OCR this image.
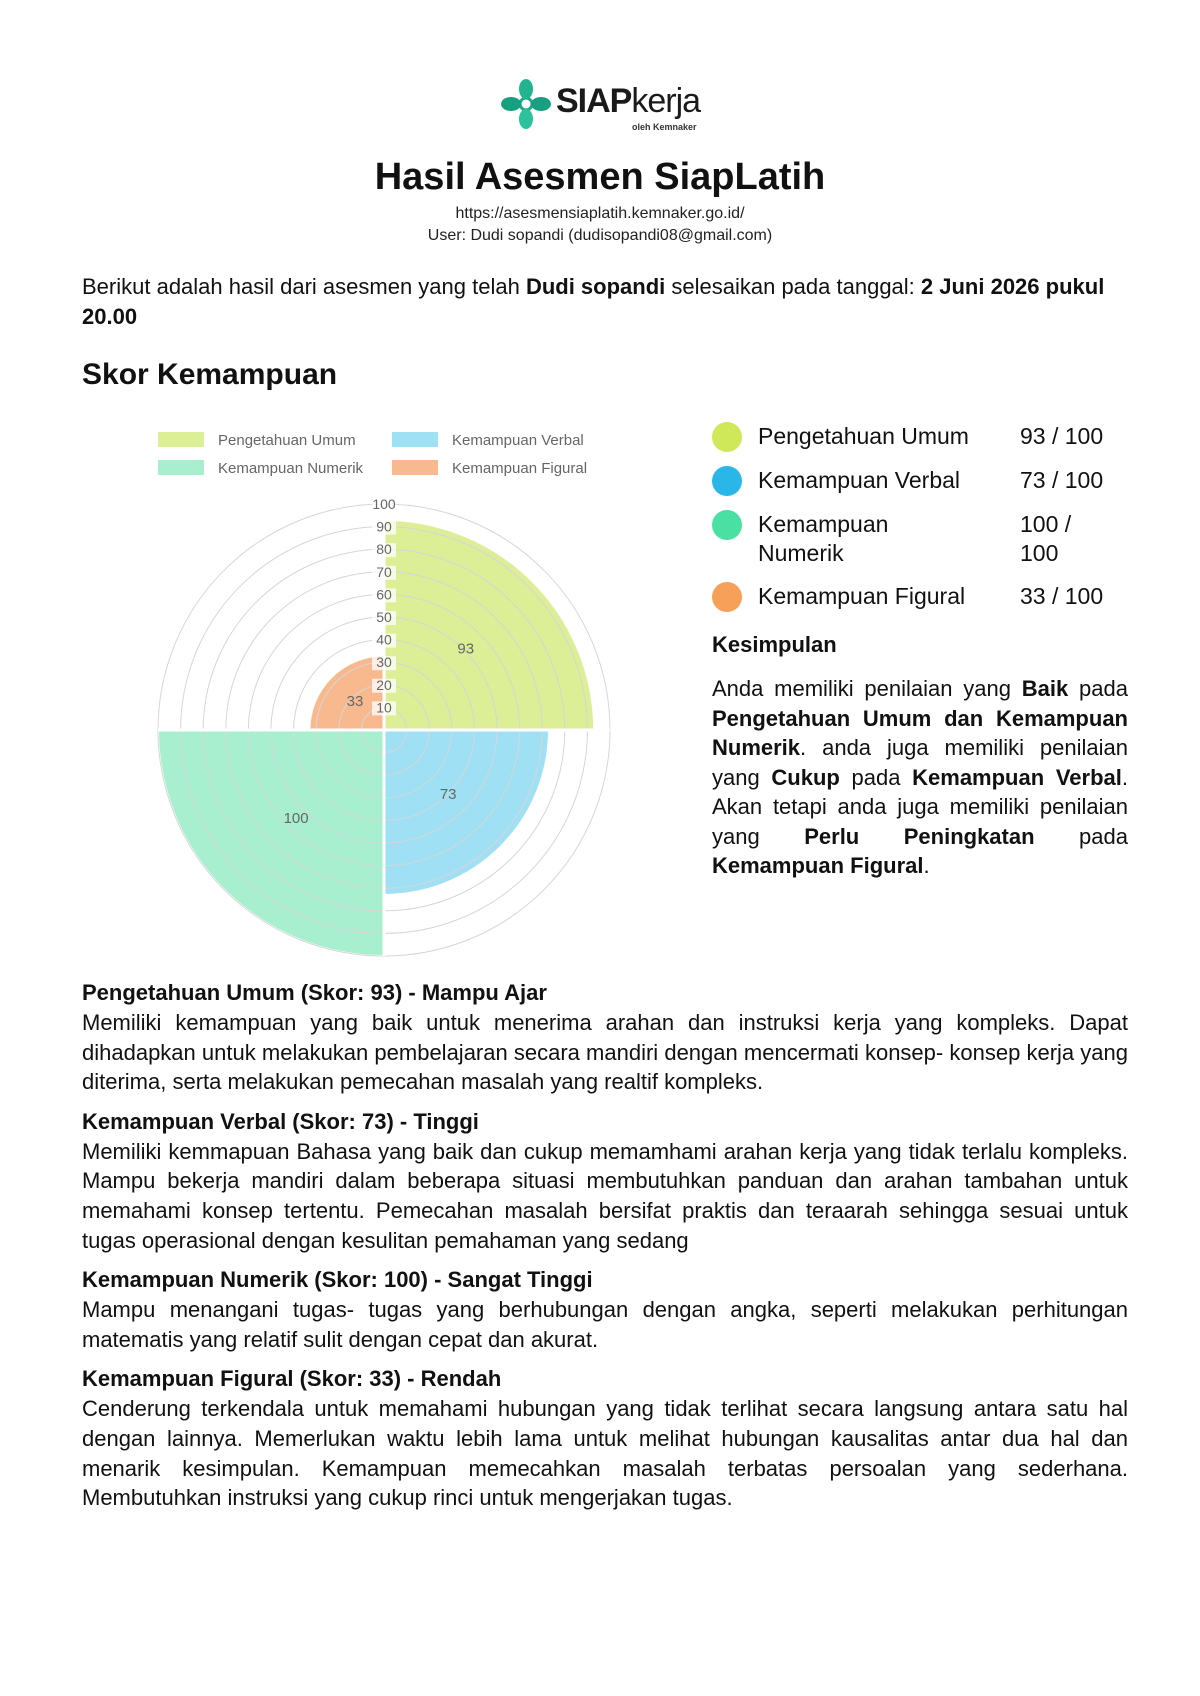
SIAPkerja
oleh Kemnaker
Hasil Asesmen SiapLatih
https://asesmensiaplatih.kemnaker.go.id/
User: Dudi sopandi (dudisopandi08@gmail.com)
Berikut adalah hasil dari asesmen yang telah Dudi sopandi selesaikan pada tanggal: 2 Juni 2026 pukul 20.00
Skor Kemampuan
Pengetahuan Umum	Kemampuan Verbal
Kemampuan Numerik	Kemampuan Figural
10
20
30
40
50
60
70
80
90
100
93
73
100
33
Pengetahuan Umum	93 / 100
Kemampuan Verbal	73 / 100
Kemampuan Numerik
100 / 100
Kemampuan Figural	33 / 100
Kesimpulan
Anda memiliki penilaian yang Baik pada Pengetahuan Umum dan Kemampuan Numerik. anda juga memiliki penilaian yang Cukup pada Kemampuan Verbal. Akan tetapi anda juga memiliki penilaian yang Perlu Peningkatan pada Kemampuan Figural.
Pengetahuan Umum (Skor: 93) - Mampu Ajar
Memiliki kemampuan yang baik untuk menerima arahan dan instruksi kerja yang kompleks. Dapat dihadapkan untuk melakukan pembelajaran secara mandiri dengan mencermati konsep- konsep kerja yang diterima, serta melakukan pemecahan masalah yang realtif kompleks.
Kemampuan Verbal (Skor: 73) - Tinggi
Memiliki kemmapuan Bahasa yang baik dan cukup memamhami arahan kerja yang tidak terlalu kompleks. Mampu bekerja mandiri dalam beberapa situasi membutuhkan panduan dan arahan tambahan untuk memahami konsep tertentu. Pemecahan masalah bersifat praktis dan teraarah sehingga sesuai untuk tugas operasional dengan kesulitan pemahaman yang sedang
Kemampuan Numerik (Skor: 100) - Sangat Tinggi
Mampu menangani tugas- tugas yang berhubungan dengan angka, seperti melakukan perhitungan matematis yang relatif sulit dengan cepat dan akurat.
Kemampuan Figural (Skor: 33) - Rendah
Cenderung terkendala untuk memahami hubungan yang tidak terlihat secara langsung antara satu hal dengan lainnya. Memerlukan waktu lebih lama untuk melihat hubungan kausalitas antar dua hal dan menarik kesimpulan. Kemampuan memecahkan masalah terbatas persoalan yang sederhana. Membutuhkan instruksi yang cukup rinci untuk mengerjakan tugas.
